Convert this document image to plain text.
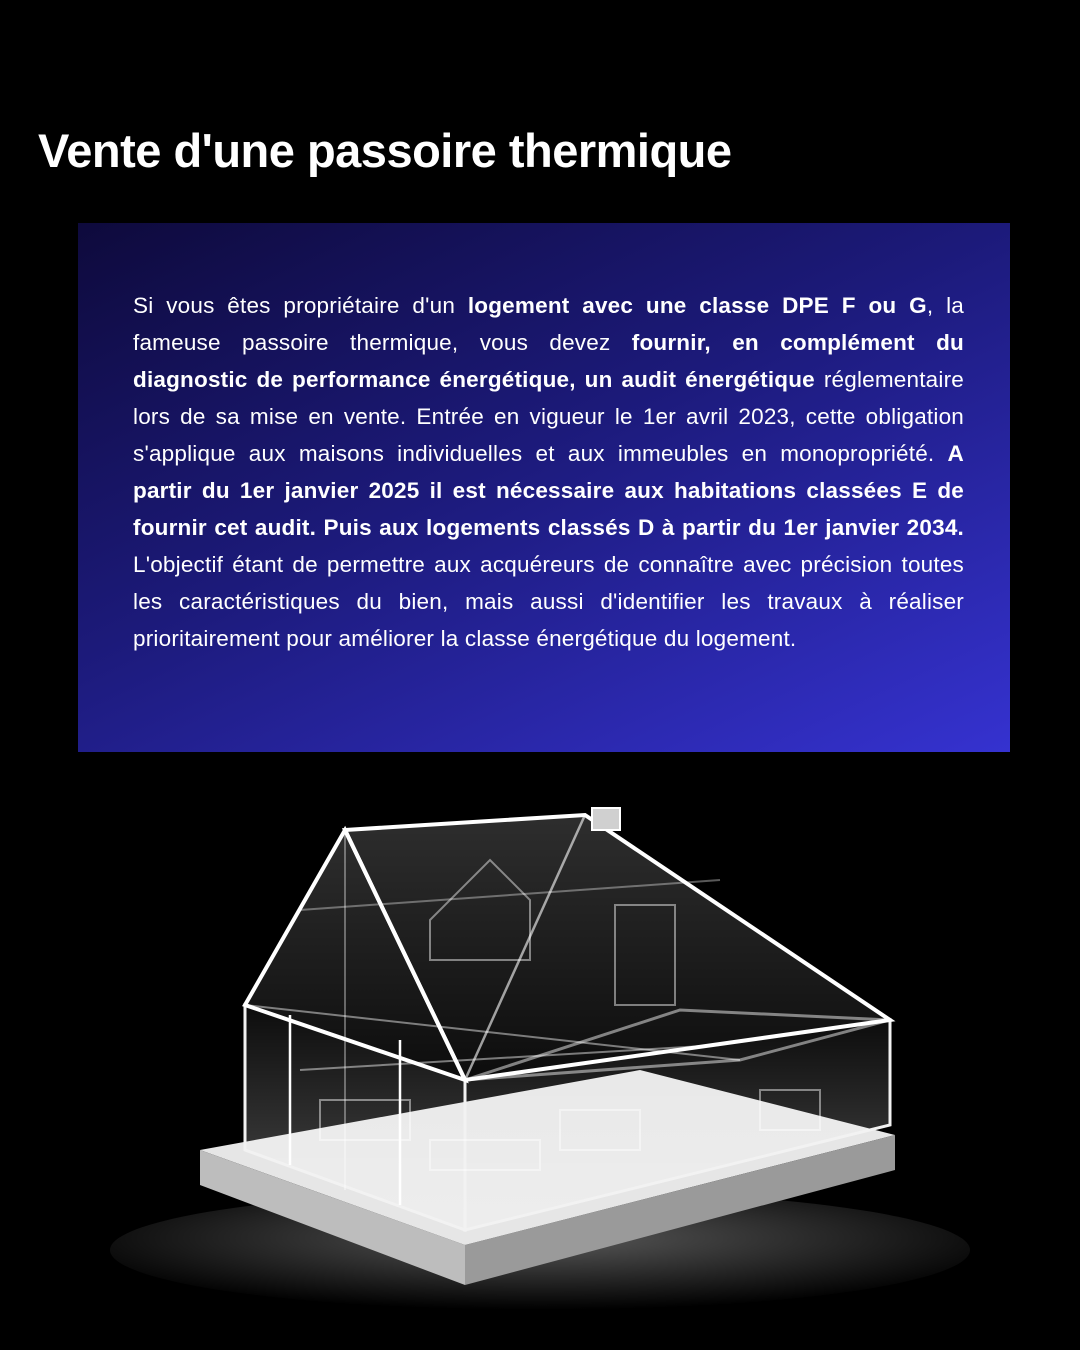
Vente d'une passoire thermique

Si vous êtes propriétaire d'un logement avec une classe DPE F ou G, la fameuse passoire thermique, vous devez fournir, en complément du diagnostic de performance énergétique, un audit énergétique réglementaire lors de sa mise en vente. Entrée en vigueur le 1er avril 2023, cette obligation s'applique aux maisons individuelles et aux immeubles en monopropriété. A partir du 1er janvier 2025 il est nécessaire aux habitations classées E de fournir cet audit. Puis aux logements classés D à partir du 1er janvier 2034. L'objectif étant de permettre aux acquéreurs de connaître avec précision toutes les caractéristiques du bien, mais aussi d'identifier les travaux à réaliser prioritairement pour améliorer la classe énergétique du logement.
